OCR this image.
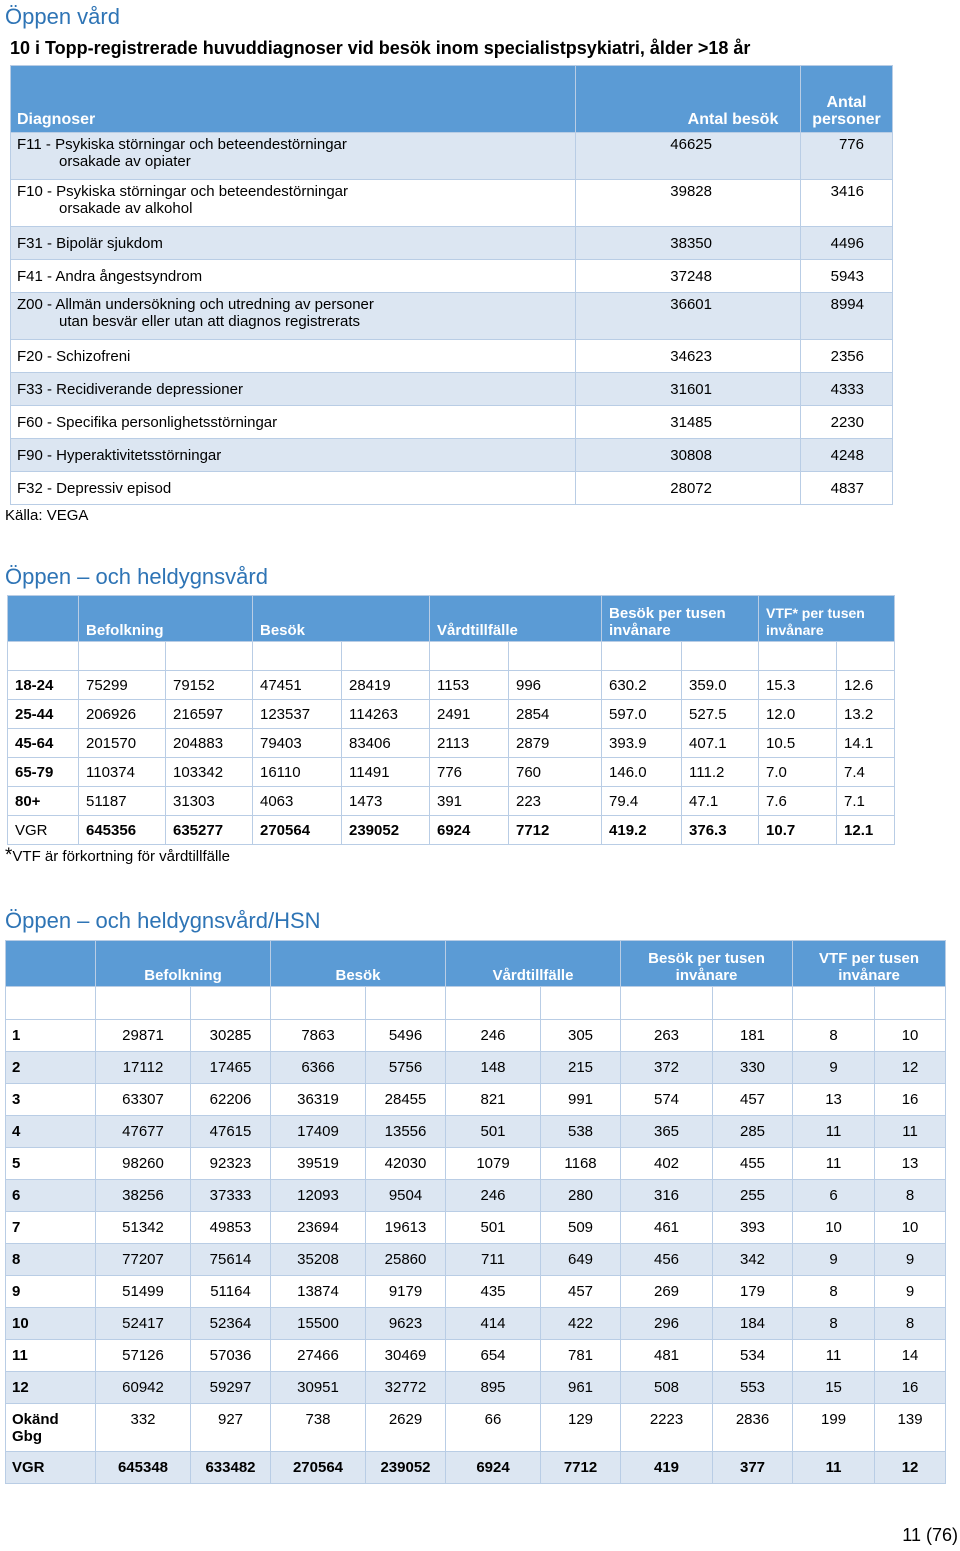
Öppen vård
10 i Topp-registrerade huvuddiagnoser vid besök inom specialistpsykiatri, ålder >18 år
Diagnoser	Antal besök	Antal personer

F11 - Psykiska störningar och beteendestörningar
orsakade av opiater	46625	776

F10 - Psykiska störningar och beteendestörningar
orsakade av alkohol	39828	3416

F31 - Bipolär sjukdom	38350	4496

F41 - Andra ångestsyndrom	37248	5943

Z00 - Allmän undersökning och utredning av personer
utan besvär eller utan att diagnos registrerats	36601	8994

F20 - Schizofreni	34623	2356

F33 - Recidiverande depressioner	31601	4333

F60 - Specifika personlighetsstörningar	31485	2230

F90 - Hyperaktivitetsstörningar	30808	4248

F32 - Depressiv episod	28072	4837
Källa: VEGA
Öppen – och heldygnsvård
	Befolkning		Besök		Vårdtillfälle		Besök per tusen invånare		VTF* per tusen invånare	
Ålder	Kvinna	Man	Kvinna	Man	Kvinna	Man	Kvinna	Man	Kvinna	Man
18-24	75299	79152	47451	28419	1153	996	630.2	359.0	15.3	12.6
25-44	206926	216597	123537	114263	2491	2854	597.0	527.5	12.0	13.2
45-64	201570	204883	79403	83406	2113	2879	393.9	407.1	10.5	14.1
65-79	110374	103342	16110	11491	776	760	146.0	111.2	7.0	7.4
80+	51187	31303	4063	1473	391	223	79.4	47.1	7.6	7.1
VGR	645356	635277	270564	239052	6924	7712	419.2	376.3	10.7	12.1
*VTF är förkortning för vårdtillfälle
Öppen – och heldygnsvård/HSN
	Befolkning		Besök		Vårdtillfälle		Besök per tusen invånare		VTF per tusen invånare	
HSN	Kvinnor	Män	Kvinna	Man	Kvinna	Man	Kvinna	Man	Kvinna	Man
1	29871	30285	7863	5496	246	305	263	181	8	10
2	17112	17465	6366	5756	148	215	372	330	9	12
3	63307	62206	36319	28455	821	991	574	457	13	16
4	47677	47615	17409	13556	501	538	365	285	11	11
5	98260	92323	39519	42030	1079	1168	402	455	11	13
6	38256	37333	12093	9504	246	280	316	255	6	8
7	51342	49853	23694	19613	501	509	461	393	10	10
8	77207	75614	35208	25860	711	649	456	342	9	9
9	51499	51164	13874	9179	435	457	269	179	8	9
10	52417	52364	15500	9623	414	422	296	184	8	8
11	57126	57036	27466	30469	654	781	481	534	11	14
12	60942	59297	30951	32772	895	961	508	553	15	16
Okänd Gbg	332	927	738	2629	66	129	2223	2836	199	139
VGR	645348	633482	270564	239052	6924	7712	419	377	11	12
11 (76)
